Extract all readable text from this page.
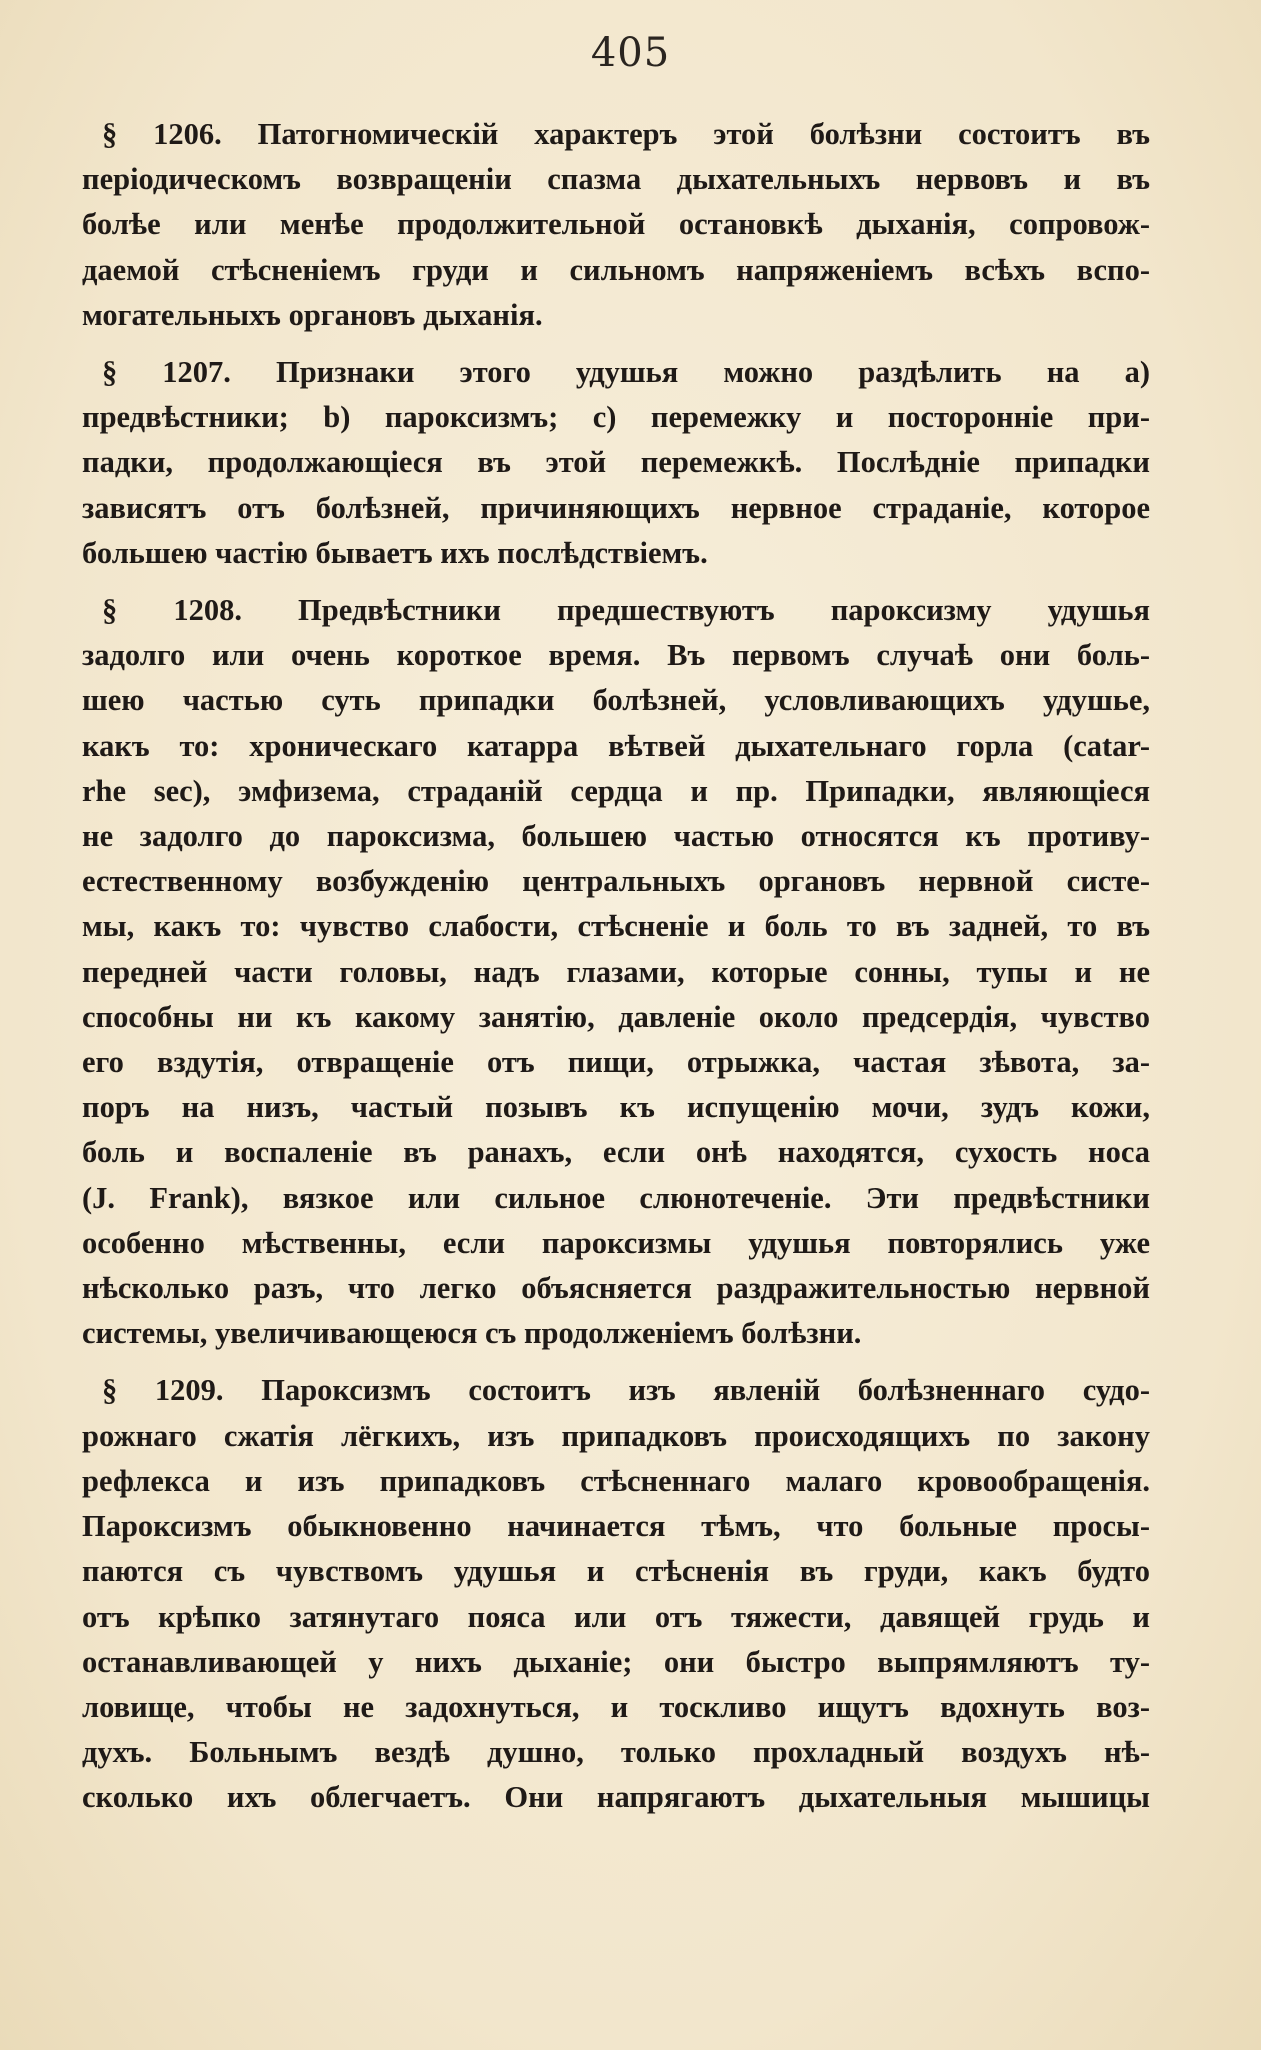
405
§ 1206. Патогномическій характеръ этой болѣзни состоитъ въ
періодическомъ возвращеніи спазма дыхательныхъ нервовъ и въ
болѣе или менѣе продолжительной остановкѣ дыханія, сопровож-
даемой стѣсненіемъ груди и сильномъ напряженіемъ всѣхъ вспо-
могательныхъ органовъ дыханія.
§ 1207. Признаки этого удушья можно раздѣлить на а)
предвѣстники; b) пароксизмъ; с) перемежку и посторонніе при-
падки, продолжающіеся въ этой перемежкѣ. Послѣдніе припадки
зависятъ отъ болѣзней, причиняющихъ нервное страданіе, которое
большею частію бываетъ ихъ послѣдствіемъ.
§ 1208. Предвѣстники предшествуютъ пароксизму удушья
задолго или очень короткое время. Въ первомъ случаѣ они боль-
шею частью суть припадки болѣзней, условливающихъ удушье,
какъ то: хроническаго катарра вѣтвей дыхательнаго горла (catar-
rhe sec), эмфизема, страданій сердца и пр. Припадки, являющіеся
не задолго до пароксизма, большею частью относятся къ противу-
естественному возбужденію центральныхъ органовъ нервной систе-
мы, какъ то: чувство слабости, стѣсненіе и боль то въ задней, то въ
передней части головы, надъ глазами, которые сонны, тупы и не
способны ни къ какому занятію, давленіе около предсердія, чувство
его вздутія, отвращеніе отъ пищи, отрыжка, частая зѣвота, за-
поръ на низъ, частый позывъ къ испущенію мочи, зудъ кожи,
боль и воспаленіе въ ранахъ, если онѣ находятся, сухость носа
(J. Frank), вязкое или сильное слюнотеченіе. Эти предвѣстники
особенно мѣственны, если пароксизмы удушья повторялись уже
нѣсколько разъ, что легко объясняется раздражительностью нервной
системы, увеличивающеюся съ продолженіемъ болѣзни.
§ 1209. Пароксизмъ состоитъ изъ явленій болѣзненнаго судо-
рожнаго сжатія лёгкихъ, изъ припадковъ происходящихъ по закону
рефлекса и изъ припадковъ стѣсненнаго малаго кровообращенія.
Пароксизмъ обыкновенно начинается тѣмъ, что больные просы-
паются съ чувствомъ удушья и стѣсненія въ груди, какъ будто
отъ крѣпко затянутаго пояса или отъ тяжести, давящей грудь и
останавливающей у нихъ дыханіе; они быстро выпрямляютъ ту-
ловище, чтобы не задохнуться, и тоскливо ищутъ вдохнуть воз-
духъ. Больнымъ вездѣ душно, только прохладный воздухъ нѣ-
сколько ихъ облегчаетъ. Они напрягаютъ дыхательныя мышицы
